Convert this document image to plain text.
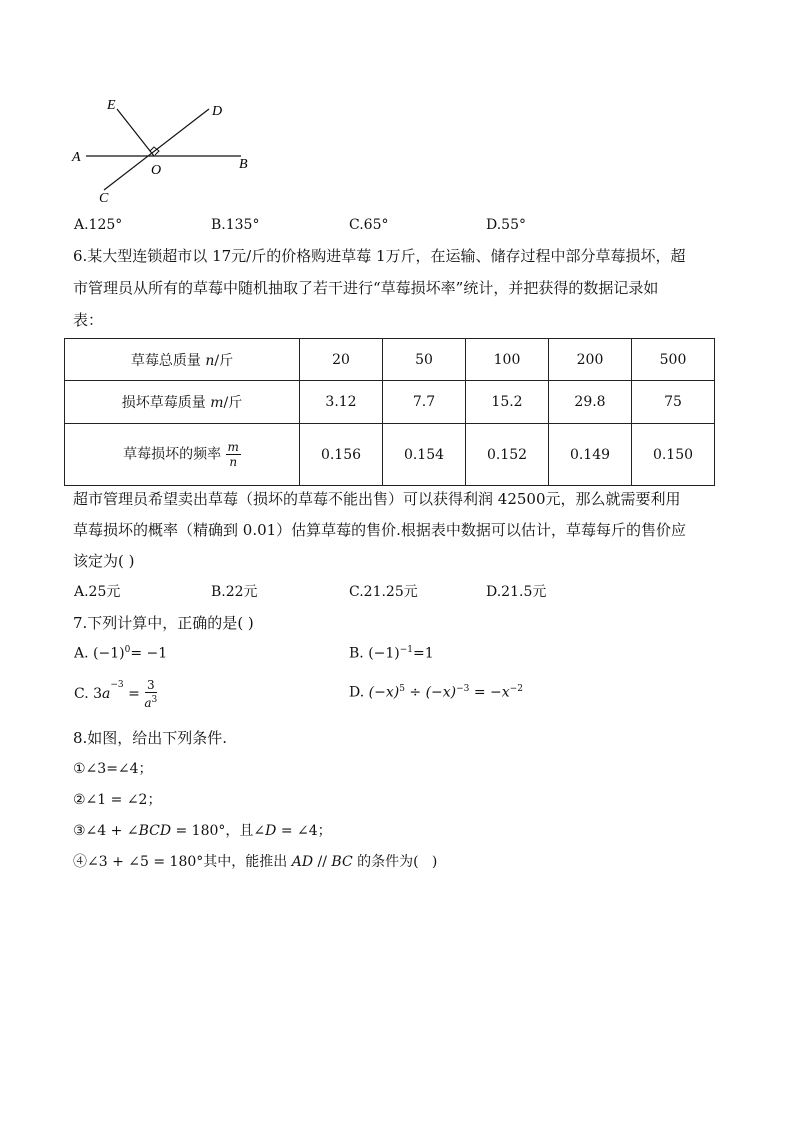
E	D
A
O	B
C
A.125°	B.135°	C.65°	D.55°
6.某大型连锁超市以 17元/斤的价格购进草莓 1万斤，在运输、储存过程中部分草莓损坏，超
市管理员从所有的草莓中随机抽取了若干进行“草莓损坏率”统计，并把获得的数据记录如
表：
草莓总质量 n/斤	20	50	100	200	500
损坏草莓质量 m/斤	3.12	7.7	15.2	29.8	75
草莓损坏的频率 $\frac{m}{n}$	0.156	0.154	0.152	0.149	0.150
超市管理员希望卖出草莓（损坏的草莓不能出售）可以获得利润 42500元，那么就需要利用
草莓损坏的概率（精确到 0.01）估算草莓的售价.根据表中数据可以估计，草莓每斤的售价应
该定为( )
A.25元	B.22元	C.21.25元	D.21.5元
7.下列计算中，正确的是( )
A. $(-1)^0= -1$	B. $(-1)^{-1}=1$
C. 3 a
$^{-3}$
= $\frac{3}{a^3}$	D. $(-x)^5 \div (-x)^{-3} = -x^{-2}$
8.如图，给出下列条件.
①∠3=∠4；
②∠1 = ∠2；
③∠4 + ∠BCD = 180°，且∠D = ∠4；
④∠3 + ∠5 = 180°其中，能推出 AD // BC 的条件为(   )
